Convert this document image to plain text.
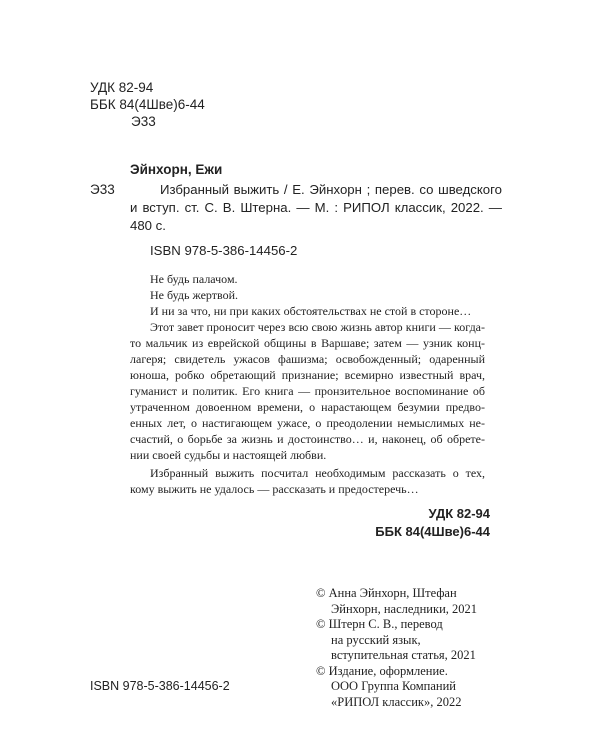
УДК 82-94
ББК 84(4Шве)6-44
Э33
Эйнхорн, Ежи
Э33	Избранный выжить / Е. Эйнхорн ; перев. со шведского
и вступ. ст. С. В. Штерна. — М. : РИПОЛ классик, 2022. —
480 с.
ISBN 978-5-386-14456-2
Не будь палачом.
Не будь жертвой.
И ни за что, ни при каких обстоятельствах не стой в стороне…
Этот завет проносит через всю свою жизнь автор книги — когда-
то мальчик из еврейской общины в Варшаве; затем — узник конц-
лагеря; свидетель ужасов фашизма; освобожденный; одаренный
юноша, робко обретающий признание; всемирно известный врач,
гуманист и политик. Его книга — пронзительное воспоминание об
утраченном довоенном времени, о нарастающем безумии предво-
енных лет, о настигающем ужасе, о преодолении немыслимых не-
счастий, о борьбе за жизнь и достоинство… и, наконец, об обрете-
нии своей судьбы и настоящей любви.
Избранный выжить посчитал необходимым рассказать о тех,
кому выжить не удалось — рассказать и предостеречь…
УДК 82-94
ББК 84(4Шве)6-44
© Анна Эйнхорн, Штефан
Эйнхорн, наследники, 2021
© Штерн С. В., перевод
на русский язык,
вступительная статья, 2021
© Издание, оформление.
ООО Группа Компаний
«РИПОЛ классик», 2022
ISBN 978-5-386-14456-2
